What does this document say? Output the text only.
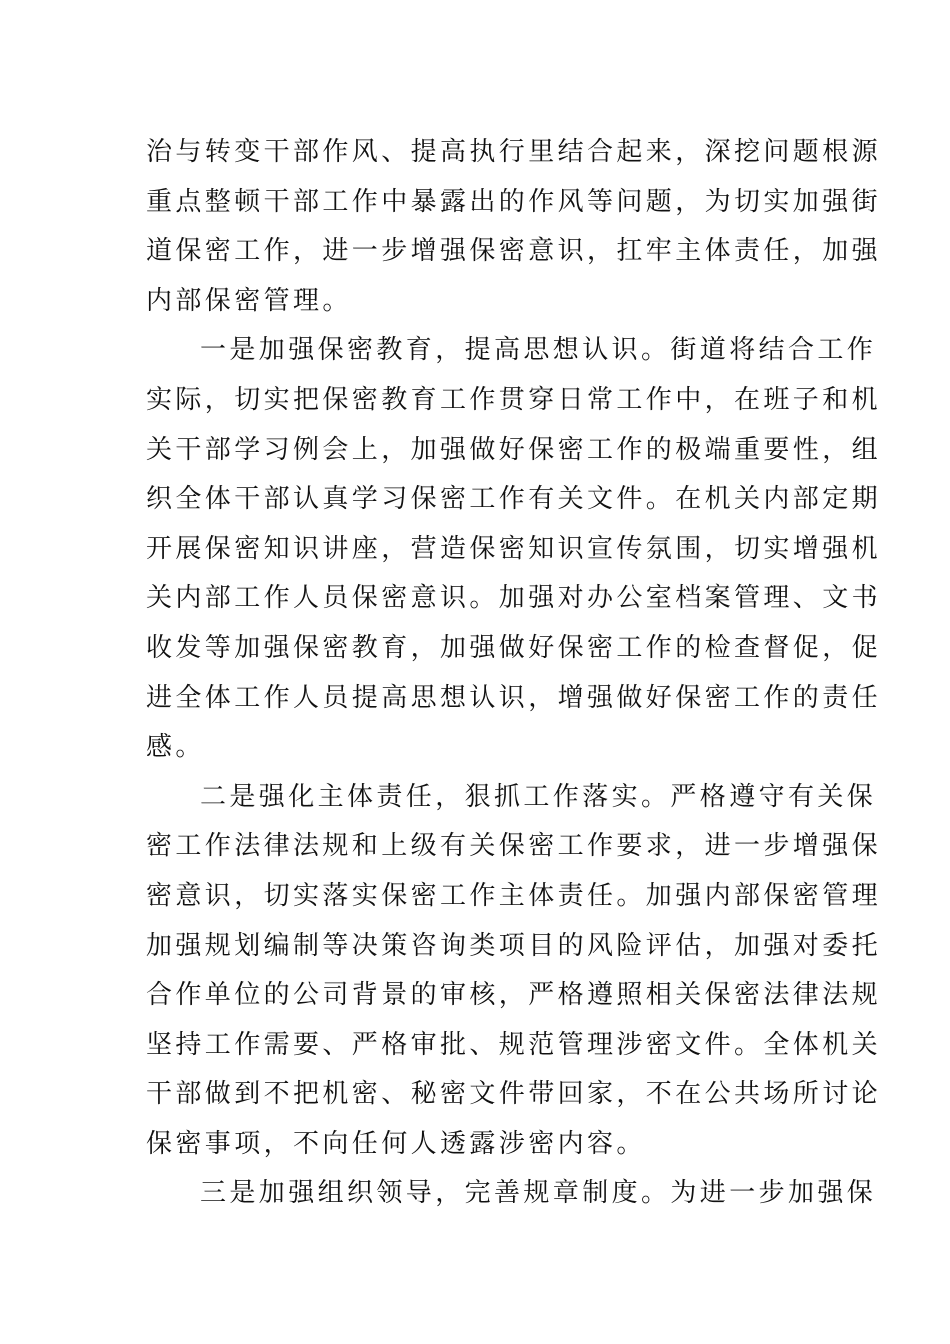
治与转变干部作风、提高执行里结合起来，深挖问题根源
重点整顿干部工作中暴露出的作风等问题，为切实加强街
道保密工作，进一步增强保密意识，扛牢主体责任，加强
内部保密管理。
一是加强保密教育，提高思想认识。街道将结合工作
实际，切实把保密教育工作贯穿日常工作中，在班子和机
关干部学习例会上，加强做好保密工作的极端重要性，组
织全体干部认真学习保密工作有关文件。在机关内部定期
开展保密知识讲座，营造保密知识宣传氛围，切实增强机
关内部工作人员保密意识。加强对办公室档案管理、文书
收发等加强保密教育，加强做好保密工作的检查督促，促
进全体工作人员提高思想认识，增强做好保密工作的责任
感。
二是强化主体责任，狠抓工作落实。严格遵守有关保
密工作法律法规和上级有关保密工作要求，进一步增强保
密意识，切实落实保密工作主体责任。加强内部保密管理
加强规划编制等决策咨询类项目的风险评估，加强对委托
合作单位的公司背景的审核，严格遵照相关保密法律法规
坚持工作需要、严格审批、规范管理涉密文件。全体机关
干部做到不把机密、秘密文件带回家，不在公共场所讨论
保密事项，不向任何人透露涉密内容。
三是加强组织领导，完善规章制度。为进一步加强保
